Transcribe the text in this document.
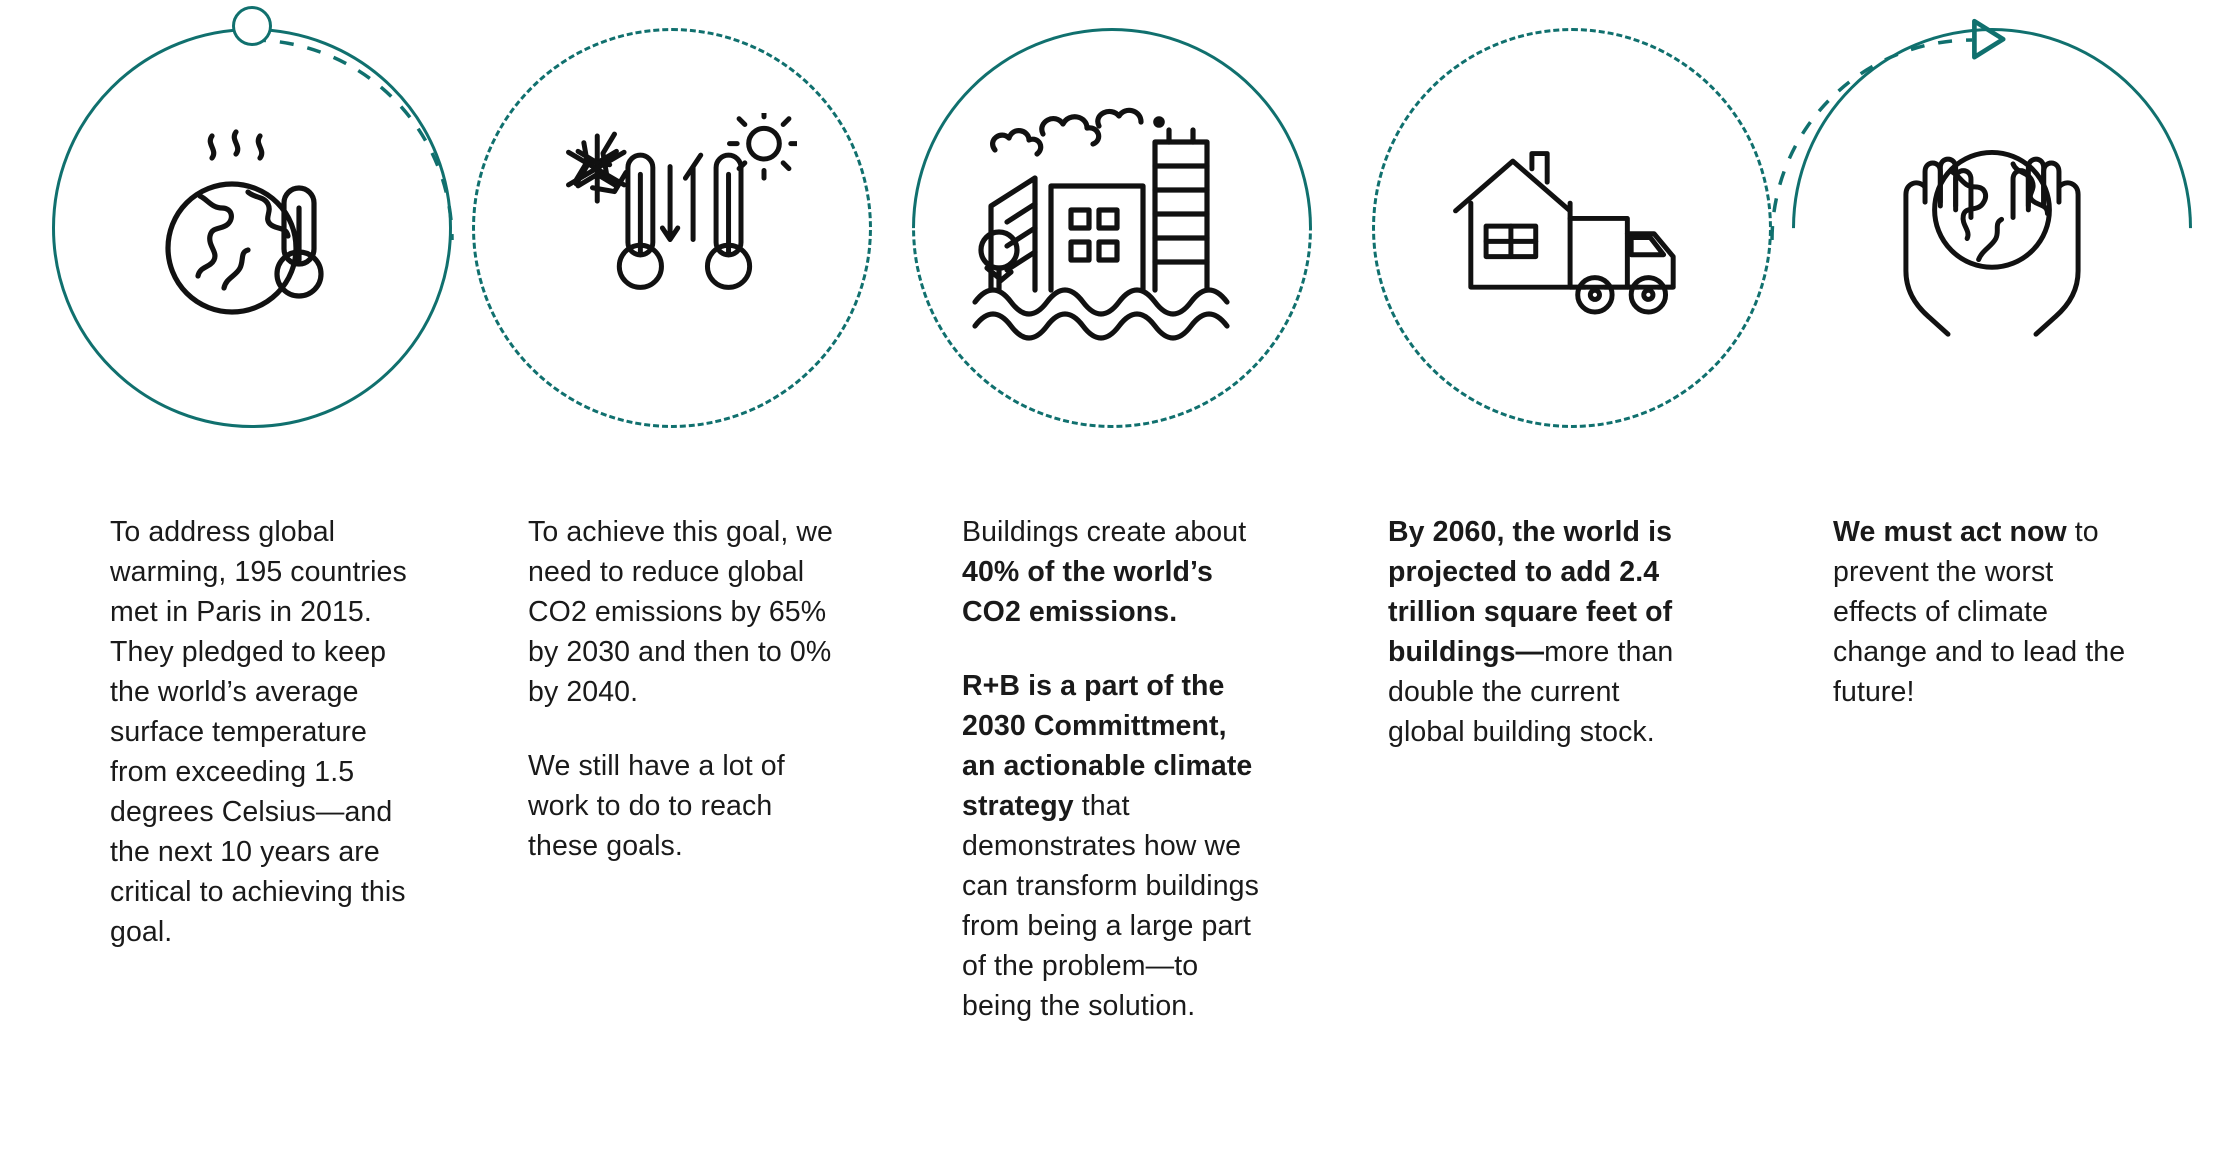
To address global warming, 195 countries met in Paris in 2015. They pledged to keep the world’s average surface temperature from exceeding 1.5 degrees Celsius—and the next 10 years are critical to achieving this goal.

To achieve this goal, we need to reduce global CO2 emissions by 65% by 2030 and then to 0% by 2040.

We still have a lot of work to do to reach these goals.

Buildings create about 40% of the world’s CO2 emissions.

R+B is a part of the 2030 Committment, an actionable climate strategy that demonstrates how we can transform buildings from being a large part of the problem—to being the solution.

By 2060, the world is projected to add 2.4 trillion square feet of buildings—more than double the current global building stock.

We must act now to prevent the worst effects of climate change and to lead the future!
